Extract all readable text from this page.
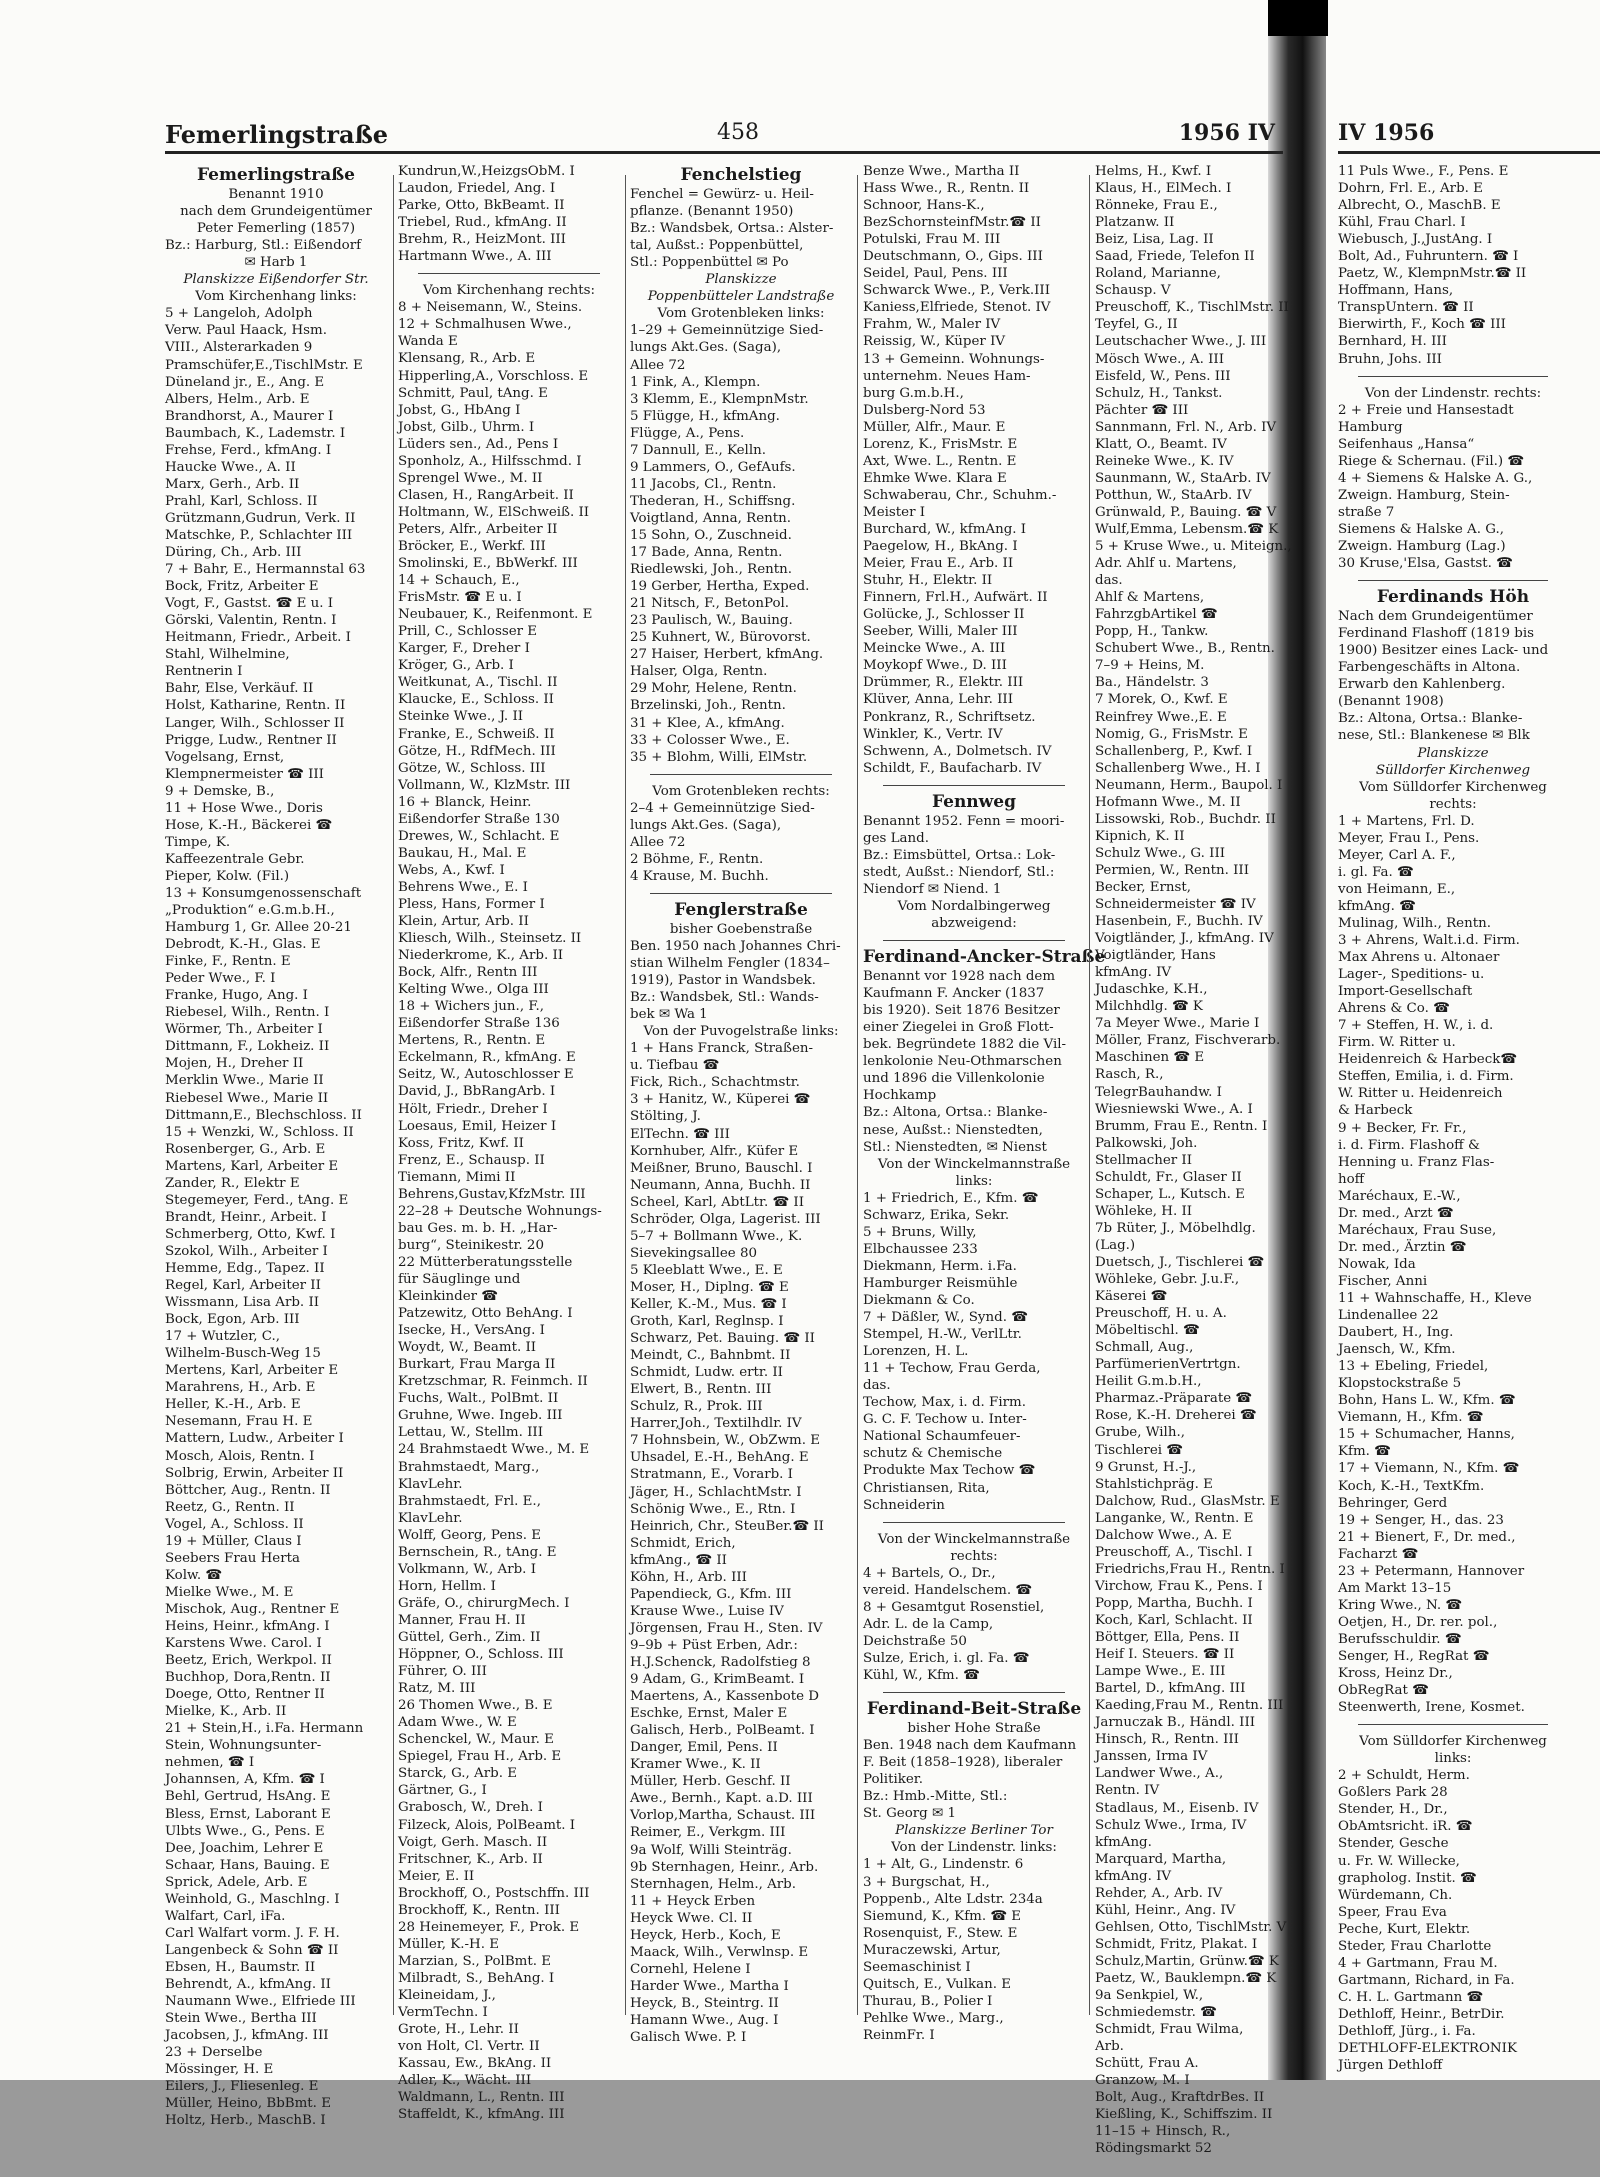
Femerlingstraße	458	1956 IV
Femerlingstraße
Benannt 1910
nach dem Grundeigentümer
Peter Femerling (1857)
Bz.: Harburg, Stl.: Eißendorf
✉ Harb 1
Planskizze Eißendorfer Str.
Vom Kirchenhang links:
5 + Langeloh, Adolph
Verw. Paul Haack, Hsm.
VIII., Alsterarkaden 9
Pramschüfer,E.,TischlMstr. E
Düneland jr., E., Ang. E
Albers, Helm., Arb. E
Brandhorst, A., Maurer I
Baumbach, K., Lademstr. I
Frehse, Ferd., kfmAng. I
Haucke Wwe., A. II
Marx, Gerh., Arb. II
Prahl, Karl, Schloss. II
Grützmann,Gudrun, Verk. II
Matschke, P., Schlachter III
Düring, Ch., Arb. III
7 + Bahr, E., Hermannstal 63
Bock, Fritz, Arbeiter E
Vogt, F., Gastst. ☎ E u. I
Görski, Valentin, Rentn. I
Heitmann, Friedr., Arbeit. I
Stahl, Wilhelmine,
Rentnerin I
Bahr, Else, Verkäuf. II
Holst, Katharine, Rentn. II
Langer, Wilh., Schlosser II
Prigge, Ludw., Rentner II
Vogelsang, Ernst,
Klempnermeister ☎ III
9 + Demske, B.,
11 + Hose Wwe., Doris
Hose, K.-H., Bäckerei ☎
Timpe, K.
Kaffeezentrale Gebr.
Pieper, Kolw. (Fil.)
13 + Konsumgenossenschaft
„Produktion“ e.G.m.b.H.,
Hamburg 1, Gr. Allee 20-21
Debrodt, K.-H., Glas. E
Finke, F., Rentn. E
Peder Wwe., F. I
Franke, Hugo, Ang. I
Riebesel, Wilh., Rentn. I
Wörmer, Th., Arbeiter I
Dittmann, F., Lokheiz. II
Mojen, H., Dreher II
Merklin Wwe., Marie II
Riebesel Wwe., Marie II
Dittmann,E., Blechschloss. II
15 + Wenzki, W., Schloss. II
Rosenberger, G., Arb. E
Martens, Karl, Arbeiter E
Zander, R., Elektr E
Stegemeyer, Ferd., tAng. E
Brandt, Heinr., Arbeit. I
Schmerberg, Otto, Kwf. I
Szokol, Wilh., Arbeiter I
Hemme, Edg., Tapez. II
Regel, Karl, Arbeiter II
Wissmann, Lisa Arb. II
Bock, Egon, Arb. III
17 + Wutzler, C.,
Wilhelm-Busch-Weg 15
Mertens, Karl, Arbeiter E
Marahrens, H., Arb. E
Heller, K.-H., Arb. E
Nesemann, Frau H. E
Mattern, Ludw., Arbeiter I
Mosch, Alois, Rentn. I
Solbrig, Erwin, Arbeiter II
Böttcher, Aug., Rentn. II
Reetz, G., Rentn. II
Vogel, A., Schloss. II
19 + Müller, Claus I
Seebers Frau Herta
Kolw. ☎
Mielke Wwe., M. E
Mischok, Aug., Rentner E
Heins, Heinr., kfmAng. I
Karstens Wwe. Carol. I
Beetz, Erich, Werkpol. II
Buchhop, Dora,Rentn. II
Doege, Otto, Rentner II
Mielke, K., Arb. II
21 + Stein,H., i.Fa. Hermann
Stein, Wohnungsunter-
nehmen, ☎ I
Johannsen, A, Kfm. ☎ I
Behl, Gertrud, HsAng. E
Bless, Ernst, Laborant E
Ulbts Wwe., G., Pens. E
Dee, Joachim, Lehrer E
Schaar, Hans, Bauing. E
Sprick, Adele, Arb. E
Weinhold, G., Maschlng. I
Walfart, Carl, iFa.
Carl Walfart vorm. J. F. H.
Langenbeck & Sohn ☎ II
Ebsen, H., Baumstr. II
Behrendt, A., kfmAng. II
Naumann Wwe., Elfriede III
Stein Wwe., Bertha III
Jacobsen, J., kfmAng. III
23 + Derselbe
Mössinger, H. E
Eilers, J., Fliesenleg. E
Müller, Heino, BbBmt. E
Holtz, Herb., MaschB. I
Kundrun,W.,HeizgsObM. I
Laudon, Friedel, Ang. I
Parke, Otto, BkBeamt. II
Triebel, Rud., kfmAng. II
Brehm, R., HeizMont. III
Hartmann Wwe., A. III
Vom Kirchenhang rechts:
8 + Neisemann, W., Steins.
12 + Schmalhusen Wwe.,
Wanda E
Klensang, R., Arb. E
Hipperling,A., Vorschloss. E
Schmitt, Paul, tAng. E
Jobst, G., HbAng I
Jobst, Gilb., Uhrm. I
Lüders sen., Ad., Pens I
Sponholz, A., Hilfsschmd. I
Sprengel Wwe., M. II
Clasen, H., RangArbeit. II
Holtmann, W., ElSchweiß. II
Peters, Alfr., Arbeiter II
Bröcker, E., Werkf. III
Smolinski, E., BbWerkf. III
14 + Schauch, E.,
FrisMstr. ☎ E u. I
Neubauer, K., Reifenmont. E
Prill, C., Schlosser E
Karger, F., Dreher I
Kröger, G., Arb. I
Weitkunat, A., Tischl. II
Klaucke, E., Schloss. II
Steinke Wwe., J. II
Franke, E., Schweiß. II
Götze, H., RdfMech. III
Götze, W., Schloss. III
Vollmann, W., KlzMstr. III
16 + Blanck, Heinr.
Eißendorfer Straße 130
Drewes, W., Schlacht. E
Baukau, H., Mal. E
Webs, A., Kwf. I
Behrens Wwe., E. I
Pless, Hans, Former I
Klein, Artur, Arb. II
Kliesch, Wilh., Steinsetz. II
Niederkrome, K., Arb. II
Bock, Alfr., Rentn III
Kelting Wwe., Olga III
18 + Wichers jun., F.,
Eißendorfer Straße 136
Mertens, R., Rentn. E
Eckelmann, R., kfmAng. E
Seitz, W., Autoschlosser E
David, J., BbRangArb. I
Hölt, Friedr., Dreher I
Loesaus, Emil, Heizer I
Koss, Fritz, Kwf. II
Frenz, E., Schausp. II
Tiemann, Mimi II
Behrens,Gustav,KfzMstr. III
22–28 + Deutsche Wohnungs-
bau Ges. m. b. H. „Har-
burg“, Steinikestr. 20
22 Mütterberatungsstelle
für Säuglinge und
Kleinkinder ☎
Patzewitz, Otto BehAng. I
Isecke, H., VersAng. I
Woydt, W., Beamt. II
Burkart, Frau Marga II
Kretzschmar, R. Feinmch. II
Fuchs, Walt., PolBmt. II
Gruhne, Wwe. Ingeb. III
Lettau, W., Stellm. III
24 Brahmstaedt Wwe., M. E
Brahmstaedt, Marg.,
KlavLehr.
Brahmstaedt, Frl. E.,
KlavLehr.
Wolff, Georg, Pens. E
Bernschein, R., tAng. E
Volkmann, W., Arb. I
Horn, Hellm. I
Gräfe, O., chirurgMech. I
Manner, Frau H. II
Güttel, Gerh., Zim. II
Höppner, O., Schloss. III
Führer, O. III
Ratz, M. III
26 Thomen Wwe., B. E
Adam Wwe., W. E
Schenckel, W., Maur. E
Spiegel, Frau H., Arb. E
Starck, G., Arb. E
Gärtner, G., I
Grabosch, W., Dreh. I
Filzeck, Alois, PolBeamt. I
Voigt, Gerh. Masch. II
Fritschner, K., Arb. II
Meier, E. II
Brockhoff, O., Postschffn. III
Brockhoff, K., Rentn. III
28 Heinemeyer, F., Prok. E
Müller, K.-H. E
Marzian, S., PolBmt. E
Milbradt, S., BehAng. I
Kleineidam, J.,
VermTechn. I
Grote, H., Lehr. II
von Holt, Cl. Vertr. II
Kassau, Ew., BkAng. II
Adler, K., Wächt. III
Waldmann, L., Rentn. III
Staffeldt, K., kfmAng. III
Fenchelstieg
Fenchel = Gewürz- u. Heil-
pflanze. (Benannt 1950)
Bz.: Wandsbek, Ortsa.: Alster-
tal, Außst.: Poppenbüttel,
Stl.: Poppenbüttel ✉ Po
Planskizze
Poppenbütteler Landstraße
Vom Grotenbleken links:
1–29 + Gemeinnützige Sied-
lungs Akt.Ges. (Saga),
Allee 72
1 Fink, A., Klempn.
3 Klemm, E., KlempnMstr.
5 Flügge, H., kfmAng.
Flügge, A., Pens.
7 Dannull, E., Kelln.
9 Lammers, O., GefAufs.
11 Jacobs, Cl., Rentn.
Thederan, H., Schiffsng.
Voigtland, Anna, Rentn.
15 Sohn, O., Zuschneid.
17 Bade, Anna, Rentn.
Riedlewski, Joh., Rentn.
19 Gerber, Hertha, Exped.
21 Nitsch, F., BetonPol.
23 Paulisch, W., Bauing.
25 Kuhnert, W., Bürovorst.
27 Haiser, Herbert, kfmAng.
Halser, Olga, Rentn.
29 Mohr, Helene, Rentn.
Brzelinski, Joh., Rentn.
31 + Klee, A., kfmAng.
33 + Colosser Wwe., E.
35 + Blohm, Willi, ElMstr.
Vom Grotenbleken rechts:
2–4 + Gemeinnützige Sied-
lungs Akt.Ges. (Saga),
Allee 72
2 Böhme, F., Rentn.
4 Krause, M. Buchh.
Fenglerstraße
bisher Goebenstraße
Ben. 1950 nach Johannes Chri-
stian Wilhelm Fengler (1834–
1919), Pastor in Wandsbek.
Bz.: Wandsbek, Stl.: Wands-
bek ✉ Wa 1
Von der Puvogelstraße links:
1 + Hans Franck, Straßen-
u. Tiefbau ☎
Fick, Rich., Schachtmstr.
3 + Hanitz, W., Küperei ☎
Stölting, J.
ElTechn. ☎ III
Kornhuber, Alfr., Küfer E
Meißner, Bruno, Bauschl. I
Neumann, Anna, Buchh. II
Scheel, Karl, AbtLtr. ☎ II
Schröder, Olga, Lagerist. III
5–7 + Bollmann Wwe., K.
Sievekingsallee 80
5 Kleeblatt Wwe., E. E
Moser, H., Diplng. ☎ E
Keller, K.-M., Mus. ☎ I
Groth, Karl, Reglnsp. I
Schwarz, Pet. Bauing. ☎ II
Meindt, C., Bahnbmt. II
Schmidt, Ludw. ertr. II
Elwert, B., Rentn. III
Schulz, R., Prok. III
Harrer,Joh., Textilhdlr. IV
7 Hohnsbein, W., ObZwm. E
Uhsadel, E.-H., BehAng. E
Stratmann, E., Vorarb. I
Jäger, H., SchlachtMstr. I
Schönig Wwe., E., Rtn. I
Heinrich, Chr., SteuBer.☎ II
Schmidt, Erich,
kfmAng., ☎ II
Köhn, H., Arb. III
Papendieck, G., Kfm. III
Krause Wwe., Luise IV
Jörgensen, Frau H., Sten. IV
9–9b + Püst Erben, Adr.:
H.J.Schenck, Radolfstieg 8
9 Adam, G., KrimBeamt. I
Maertens, A., Kassenbote D
Eschke, Ernst, Maler E
Galisch, Herb., PolBeamt. I
Danger, Emil, Pens. II
Kramer Wwe., K. II
Müller, Herb. Geschf. II
Awe., Bernh., Kapt. a.D. III
Vorlop,Martha, Schaust. III
Reimer, E., Verkgm. III
9a Wolf, Willi Steinträg.
9b Sternhagen, Heinr., Arb.
Sternhagen, Helm., Arb.
11 + Heyck Erben
Heyck Wwe. Cl. II
Heyck, Herb., Koch, E
Maack, Wilh., Verwlnsp. E
Cornehl, Helene I
Harder Wwe., Martha I
Heyck, B., Steintrg. II
Hamann Wwe., Aug. I
Galisch Wwe. P. I
Benze Wwe., Martha II
Hass Wwe., R., Rentn. II
Schnoor, Hans-K.,
BezSchornsteinfMstr.☎ II
Potulski, Frau M. III
Deutschmann, O., Gips. III
Seidel, Paul, Pens. III
Schwarck Wwe., P., Verk.III
Kaniess,Elfriede, Stenot. IV
Frahm, W., Maler IV
Reissig, W., Küper IV
13 + Gemeinn. Wohnungs-
unternehm. Neues Ham-
burg G.m.b.H.,
Dulsberg-Nord 53
Müller, Alfr., Maur. E
Lorenz, K., FrisMstr. E
Axt, Wwe. L., Rentn. E
Ehmke Wwe. Klara E
Schwaberau, Chr., Schuhm.-
Meister I
Burchard, W., kfmAng. I
Paegelow, H., BkAng. I
Meier, Frau E., Arb. II
Stuhr, H., Elektr. II
Finnern, Frl.H., Aufwärt. II
Golücke, J., Schlosser II
Seeber, Willi, Maler III
Meincke Wwe., A. III
Moykopf Wwe., D. III
Drümmer, R., Elektr. III
Klüver, Anna, Lehr. III
Ponkranz, R., Schriftsetz.
Winkler, K., Vertr. IV
Schwenn, A., Dolmetsch. IV
Schildt, F., Baufacharb. IV
Fennweg
Benannt 1952. Fenn = moori-
ges Land.
Bz.: Eimsbüttel, Ortsa.: Lok-
stedt, Außst.: Niendorf, Stl.:
Niendorf ✉ Niend. 1
Vom Nordalbingerweg
abzweigend:
Ferdinand-Ancker-Straße
Benannt vor 1928 nach dem
Kaufmann F. Ancker (1837
bis 1920). Seit 1876 Besitzer
einer Ziegelei in Groß Flott-
bek. Begründete 1882 die Vil-
lenkolonie Neu-Othmarschen
und 1896 die Villenkolonie
Hochkamp
Bz.: Altona, Ortsa.: Blanke-
nese, Außst.: Nienstedten,
Stl.: Nienstedten, ✉ Nienst
Von der Winckelmannstraße
links:
1 + Friedrich, E., Kfm. ☎
Schwarz, Erika, Sekr.
5 + Bruns, Willy,
Elbchaussee 233
Diekmann, Herm. i.Fa.
Hamburger Reismühle
Diekmann & Co.
7 + Däßler, W., Synd. ☎
Stempel, H.-W., VerlLtr.
Lorenzen, H. L.
11 + Techow, Frau Gerda,
das.
Techow, Max, i. d. Firm.
G. C. F. Techow u. Inter-
National Schaumfeuer-
schutz & Chemische
Produkte Max Techow ☎
Christiansen, Rita,
Schneiderin
Von der Winckelmannstraße
rechts:
4 + Bartels, O., Dr.,
vereid. Handelschem. ☎
8 + Gesamtgut Rosenstiel,
Adr. L. de la Camp,
Deichstraße 50
Sulze, Erich, i. gl. Fa. ☎
Kühl, W., Kfm. ☎
Ferdinand-Beit-Straße
bisher Hohe Straße
Ben. 1948 nach dem Kaufmann
F. Beit (1858–1928), liberaler
Politiker.
Bz.: Hmb.-Mitte, Stl.:
St. Georg ✉ 1
Planskizze Berliner Tor
Von der Lindenstr. links:
1 + Alt, G., Lindenstr. 6
3 + Burgschat, H.,
Poppenb., Alte Ldstr. 234a
Siemund, K., Kfm. ☎ E
Rosenquist, F., Stew. E
Muraczewski, Artur,
Seemaschinist I
Quitsch, E., Vulkan. E
Thurau, B., Polier I
Pehlke Wwe., Marg.,
ReinmFr. I
Helms, H., Kwf. I
Klaus, H., ElMech. I
Rönneke, Frau E.,
Platzanw. II
Beiz, Lisa, Lag. II
Saad, Friede, Telefon II
Roland, Marianne,
Schausp. V
Preuschoff, K., TischlMstr. II
Teyfel, G., II
Leutschacher Wwe., J. III
Mösch Wwe., A. III
Eisfeld, W., Pens. III
Schulz, H., Tankst.
Pächter ☎ III
Sannmann, Frl. N., Arb. IV
Klatt, O., Beamt. IV
Reineke Wwe., K. IV
Saunmann, W., StaArb. IV
Potthun, W., StaArb. IV
Grünwald, P., Bauing. ☎ V
Wulf,Emma, Lebensm.☎ K
5 + Kruse Wwe., u. Miteign.,
Adr. Ahlf u. Martens,
das.
Ahlf & Martens,
FahrzgbArtikel ☎
Popp, H., Tankw.
Schubert Wwe., B., Rentn.
7–9 + Heins, M.
Ba., Händelstr. 3
7 Morek, O., Kwf. E
Reinfrey Wwe.,E. E
Nomig, G., FrisMstr. E
Schallenberg, P., Kwf. I
Schallenberg Wwe., H. I
Neumann, Herm., Baupol. I
Hofmann Wwe., M. II
Lissowski, Rob., Buchdr. II
Kipnich, K. II
Schulz Wwe., G. III
Permien, W., Rentn. III
Becker, Ernst,
Schneidermeister ☎ IV
Hasenbein, F., Buchh. IV
Voigtländer, J., kfmAng. IV
Voigtländer, Hans
kfmAng. IV
Judaschke, K.H.,
Milchhdlg. ☎ K
7a Meyer Wwe., Marie I
Möller, Franz, Fischverarb.
Maschinen ☎ E
Rasch, R.,
TelegrBauhandw. I
Wiesniewski Wwe., A. I
Brumm, Frau E., Rentn. I
Palkowski, Joh.
Stellmacher II
Schuldt, Fr., Glaser II
Schaper, L., Kutsch. E
Wöhleke, H. II
7b Rüter, J., Möbelhdlg.
(Lag.)
Duetsch, J., Tischlerei ☎
Wöhleke, Gebr. J.u.F.,
Käserei ☎
Preuschoff, H. u. A.
Möbeltischl. ☎
Schmall, Aug.,
ParfümerienVertrtgn.
Heilit G.m.b.H.,
Pharmaz.-Präparate ☎
Rose, K.-H. Dreherei ☎
Grube, Wilh.,
Tischlerei ☎
9 Grunst, H.-J.,
Stahlstichpräg. E
Dalchow, Rud., GlasMstr. E
Langanke, W., Rentn. E
Dalchow Wwe., A. E
Preuschoff, A., Tischl. I
Friedrichs,Frau H., Rentn. I
Virchow, Frau K., Pens. I
Popp, Martha, Buchh. I
Koch, Karl, Schlacht. II
Böttger, Ella, Pens. II
Heif I. Steuers. ☎ II
Lampe Wwe., E. III
Bartel, D., kfmAng. III
Kaeding,Frau M., Rentn. III
Jarnuczak B., Händl. III
Hinsch, R., Rentn. III
Janssen, Irma IV
Landwer Wwe., A.,
Rentn. IV
Stadlaus, M., Eisenb. IV
Schulz Wwe., Irma, IV
kfmAng.
Marquard, Martha,
kfmAng. IV
Rehder, A., Arb. IV
Kühl, Heinr., Ang. IV
Gehlsen, Otto, TischlMstr. V
Schmidt, Fritz, Plakat. I
Schulz,Martin, Grünw.☎ K
Paetz, W., Bauklempn.☎ K
9a Senkpiel, W.,
Schmiedemstr. ☎
Schmidt, Frau Wilma,
Arb.
Schütt, Frau A.
Granzow, M. I
Bolt, Aug., KraftdrBes. II
Kießling, K., Schiffszim. II
11–15 + Hinsch, R.,
Rödingsmarkt 52
IV 1956
11 Puls Wwe., F., Pens. E
Dohrn, Frl. E., Arb. E
Albrecht, O., MaschB. E
Kühl, Frau Charl. I
Wiebusch, J.,JustAng. I
Bolt, Ad., Fuhruntern. ☎ I
Paetz, W., KlempnMstr.☎ II
Hoffmann, Hans,
TranspUntern. ☎ II
Bierwirth, F., Koch ☎ III
Bernhard, H. III
Bruhn, Johs. III
Von der Lindenstr. rechts:
2 + Freie und Hansestadt
Hamburg
Seifenhaus „Hansa“
Riege & Schernau. (Fil.) ☎
4 + Siemens & Halske A. G.,
Zweign. Hamburg, Stein-
straße 7
Siemens & Halske A. G.,
Zweign. Hamburg (Lag.)
30 Kruse,'Elsa, Gastst. ☎
Ferdinands Höh
Nach dem Grundeigentümer
Ferdinand Flashoff (1819 bis
1900) Besitzer eines Lack- und
Farbengeschäfts in Altona.
Erwarb den Kahlenberg.
(Benannt 1908)
Bz.: Altona, Ortsa.: Blanke-
nese, Stl.: Blankenese ✉ Blk
Planskizze
Sülldorfer Kirchenweg
Vom Sülldorfer Kirchenweg
rechts:
1 + Martens, Frl. D.
Meyer, Frau I., Pens.
Meyer, Carl A. F.,
i. gl. Fa. ☎
von Heimann, E.,
kfmAng. ☎
Mulinag, Wilh., Rentn.
3 + Ahrens, Walt.i.d. Firm.
Max Ahrens u. Altonaer
Lager-, Speditions- u.
Import-Gesellschaft
Ahrens & Co. ☎
7 + Steffen, H. W., i. d.
Firm. W. Ritter u.
Heidenreich & Harbeck☎
Steffen, Emilia, i. d. Firm.
W. Ritter u. Heidenreich
& Harbeck
9 + Becker, Fr. Fr.,
i. d. Firm. Flashoff &
Henning u. Franz Flas-
hoff
Maréchaux, E.-W.,
Dr. med., Arzt ☎
Maréchaux, Frau Suse,
Dr. med., Ärztin ☎
Nowak, Ida
Fischer, Anni
11 + Wahnschaffe, H., Kleve
Lindenallee 22
Daubert, H., Ing.
Jaensch, W., Kfm.
13 + Ebeling, Friedel,
Klopstockstraße 5
Bohn, Hans L. W., Kfm. ☎
Viemann, H., Kfm. ☎
15 + Schumacher, Hanns,
Kfm. ☎
17 + Viemann, N., Kfm. ☎
Koch, K.-H., TextKfm.
Behringer, Gerd
19 + Senger, H., das. 23
21 + Bienert, F., Dr. med.,
Facharzt ☎
23 + Petermann, Hannover
Am Markt 13–15
Kring Wwe., N. ☎
Oetjen, H., Dr. rer. pol.,
Berufsschuldir. ☎
Senger, H., RegRat ☎
Kross, Heinz Dr.,
ObRegRat ☎
Steenwerth, Irene, Kosmet.
Vom Sülldorfer Kirchenweg
links:
2 + Schuldt, Herm.
Goßlers Park 28
Stender, H., Dr.,
ObAmtsricht. iR. ☎
Stender, Gesche
u. Fr. W. Willecke,
grapholog. Instit. ☎
Würdemann, Ch.
Speer, Frau Eva
Peche, Kurt, Elektr.
Steder, Frau Charlotte
4 + Gartmann, Frau M.
Gartmann, Richard, in Fa.
C. H. L. Gartmann ☎
Dethloff, Heinr., BetrDir.
Dethloff, Jürg., i. Fa.
DETHLOFF-ELEKTRONIK
Jürgen Dethloff
